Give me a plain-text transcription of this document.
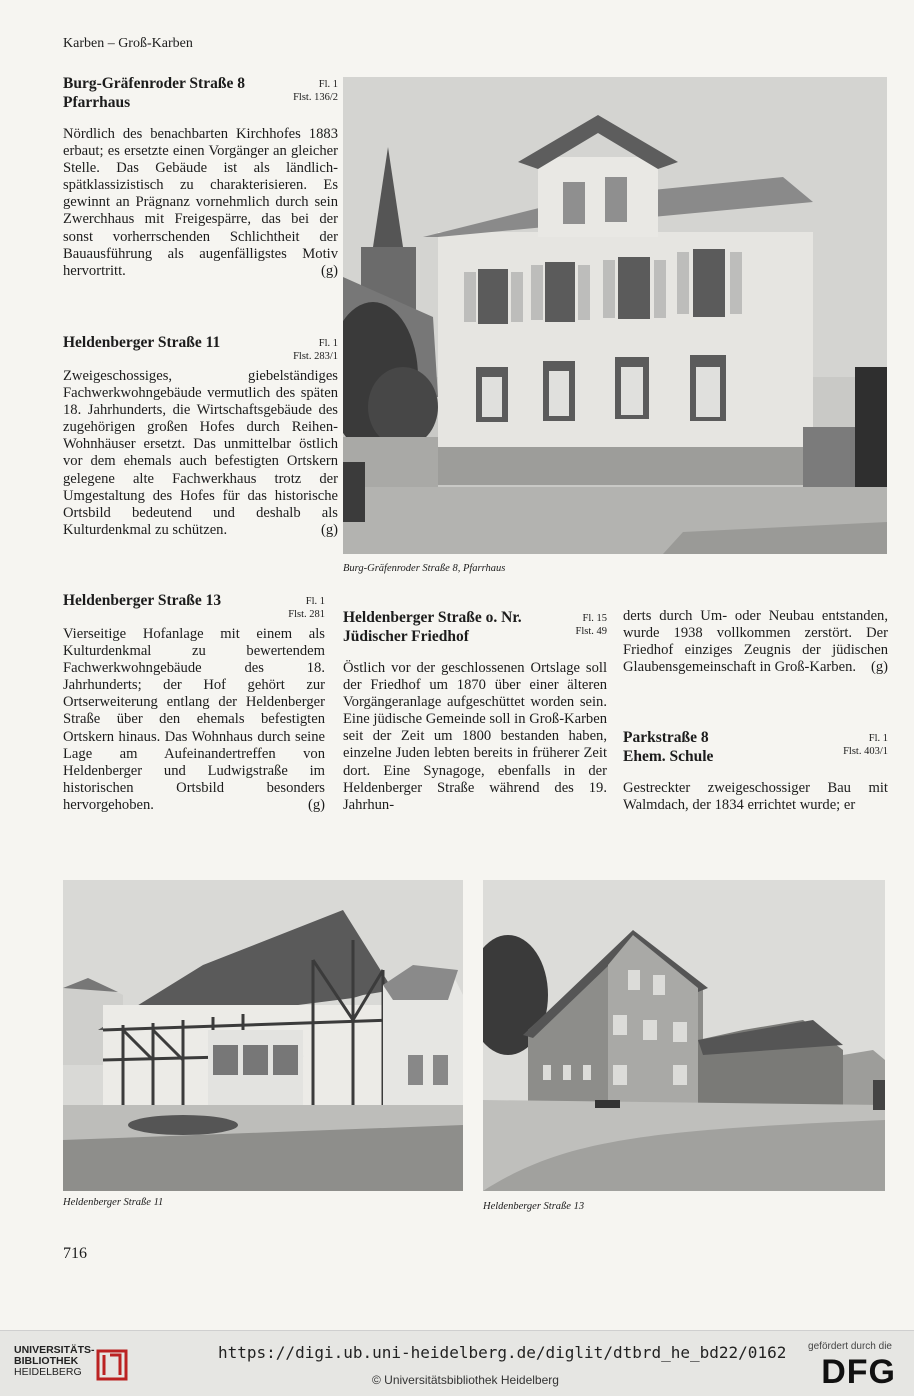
Karben – Groß-Karben
Burg-Gräfenroder Straße 8
Pfarrhaus
Fl. 1
Flst. 136/2
Nördlich des benachbarten Kirchhofes 1883 erbaut; es ersetzte einen Vorgänger an gleicher Stelle. Das Gebäude ist als ländlich-spätklassizistisch zu charakterisieren. Es gewinnt an Prägnanz vornehmlich durch sein Zwerchhaus mit Freigespärre, das bei der sonst vorherrschenden Schlichtheit der Bauausführung als augenfälligstes Motiv hervortritt.	(g)
Heldenberger Straße 11	Fl. 1
Flst. 283/1
Zweigeschossiges, giebelständiges Fachwerkwohngebäude vermutlich des späten 18. Jahrhunderts, die Wirtschaftsgebäude des zugehörigen großen Hofes durch Reihen-Wohnhäuser ersetzt. Das unmittelbar östlich vor dem ehemals auch befestigten Ortskern gelegene alte Fachwerkhaus trotz der Umgestaltung des Hofes für das historische Ortsbild bedeutend und deshalb als Kulturdenkmal zu schützen.	(g)
Heldenberger Straße 13	Fl. 1
Flst. 281
Vierseitige Hofanlage mit einem als Kulturdenkmal zu bewertendem Fachwerkwohngebäude des 18. Jahrhunderts; der Hof gehört zur Ortserweiterung entlang der Heldenberger Straße über den ehemals befestigten Ortskern hinaus. Das Wohnhaus durch seine Lage am Aufeinandertreffen von Heldenberger und Ludwigstraße im historischen Ortsbild besonders hervorgehoben.	(g)
Heldenberger Straße o. Nr.
Jüdischer Friedhof
Fl. 15
Flst. 49
Östlich vor der geschlossenen Ortslage soll der Friedhof um 1870 über einer älteren Vorgängeranlage aufgeschüttet worden sein. Eine jüdische Gemeinde soll in Groß-Karben seit der Zeit um 1800 bestanden haben, einzelne Juden lebten bereits in früherer Zeit dort. Eine Synagoge, ebenfalls in der Heldenberger Straße während des 19. Jahrhun-
derts durch Um- oder Neubau entstanden, wurde 1938 vollkommen zerstört. Der Friedhof einziges Zeugnis der jüdischen Glaubensgemeinschaft in Groß-Karben. (g)
Parkstraße 8
Ehem. Schule
Fl. 1
Flst. 403/1
Gestreckter zweigeschossiger Bau mit Walmdach, der 1834 errichtet wurde; er
Burg-Gräfenroder Straße 8, Pfarrhaus
Heldenberger Straße 11	Heldenberger Straße 13
716
UNIVERSITÄTS-
BIBLIOTHEK
HEIDELBERG
https://digi.ub.uni-heidelberg.de/diglit/dtbrd_he_bd22/0162
© Universitätsbibliothek Heidelberg
gefördert durch die
DFG
